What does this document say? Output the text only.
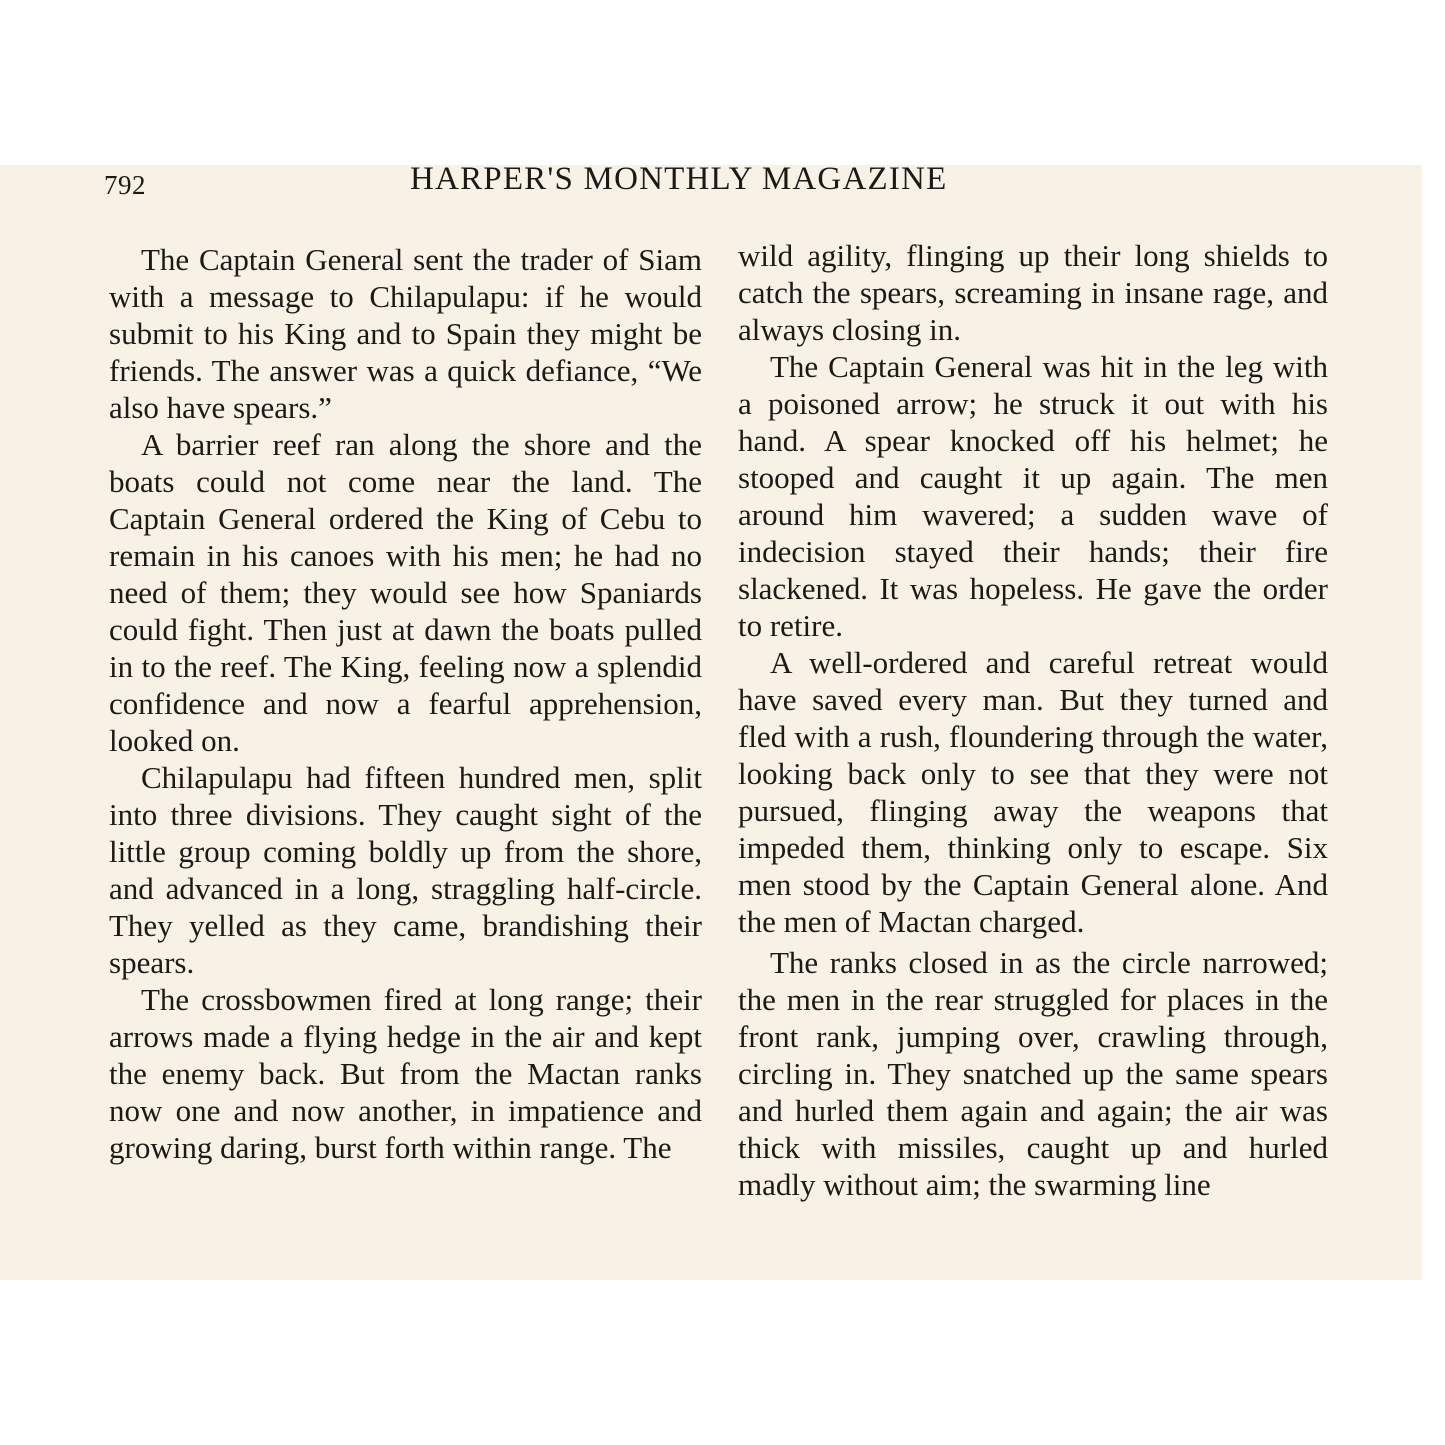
792	HARPER'S MONTHLY MAGAZINE

The Captain General sent the trader of Siam with a message to Chilapulapu: if he would submit to his King and to Spain they might be friends. The answer was a quick defiance, “We also have spears.”

A barrier reef ran along the shore and the boats could not come near the land. The Captain General ordered the King of Cebu to remain in his canoes with his men; he had no need of them; they would see how Spaniards could fight. Then just at dawn the boats pulled in to the reef. The King, feeling now a splendid confidence and now a fearful apprehension, looked on.

Chilapulapu had fifteen hundred men, split into three divisions. They caught sight of the little group coming boldly up from the shore, and advanced in a long, straggling half-circle. They yelled as they came, brandishing their spears.

The crossbowmen fired at long range; their arrows made a flying hedge in the air and kept the enemy back. But from the Mactan ranks now one and now another, in impatience and growing daring, burst forth within range. The

wild agility, flinging up their long shields to catch the spears, screaming in insane rage, and always closing in.

The Captain General was hit in the leg with a poisoned arrow; he struck it out with his hand. A spear knocked off his helmet; he stooped and caught it up again. The men around him wavered; a sudden wave of indecision stayed their hands; their fire slackened. It was hopeless. He gave the order to retire.

A well-ordered and careful retreat would have saved every man. But they turned and fled with a rush, floundering through the water, looking back only to see that they were not pursued, flinging away the weapons that impeded them, thinking only to escape. Six men stood by the Captain General alone. And the men of Mactan charged.

The ranks closed in as the circle narrowed; the men in the rear struggled for places in the front rank, jumping over, crawling through, circling in. They snatched up the same spears and hurled them again and again; the air was thick with missiles, caught up and hurled madly without aim; the swarming line
